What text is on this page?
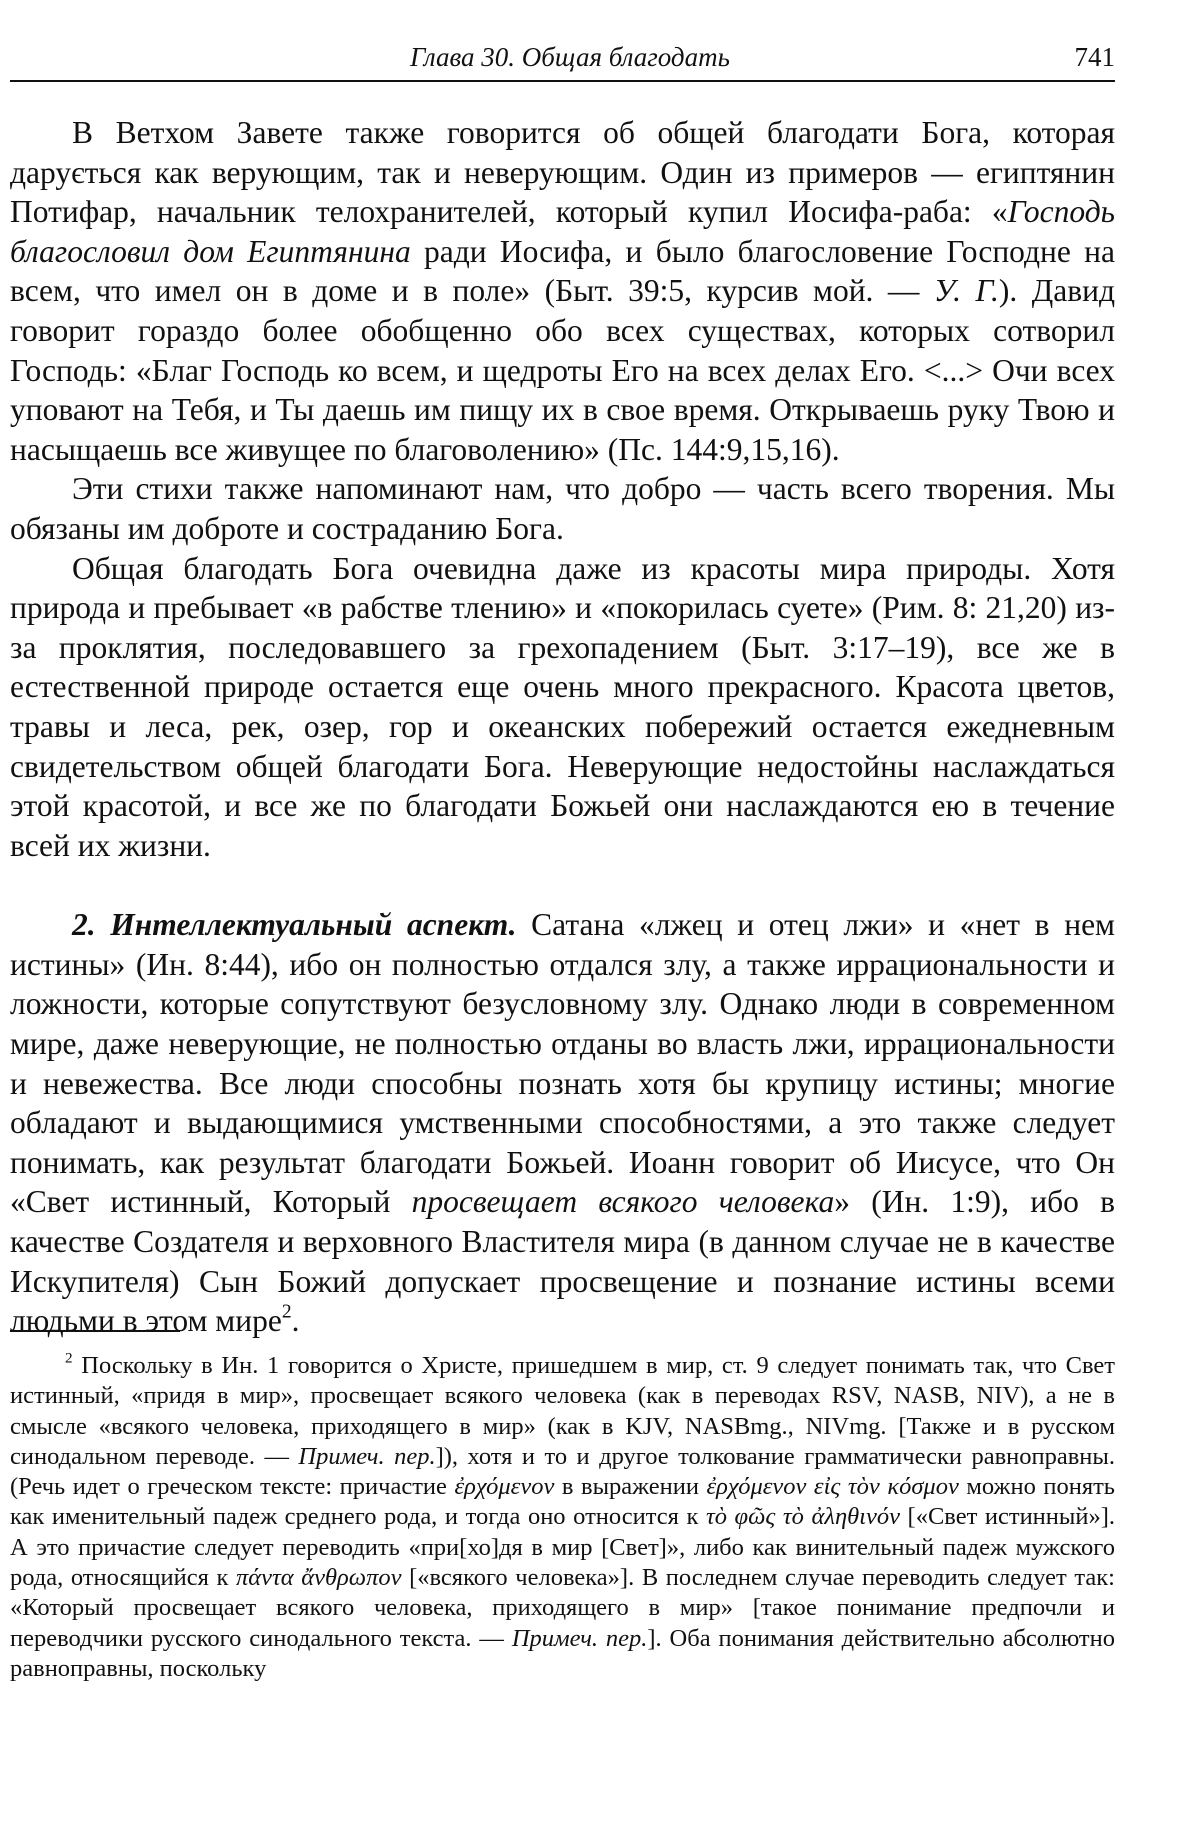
Глава 30. Общая благодать	741

В Ветхом Завете также говорится об общей благодати Бога, которая дарується как верующим, так и неверующим. Один из примеров — египтянин Потифар, начальник телохранителей, который купил Иосифа-раба: «Господь благословил дом Египтянина ради Иосифа, и было благословение Господне на всем, что имел он в доме и в поле» (Быт. 39:5, курсив мой. — У. Г.). Давид говорит гораздо более обобщенно обо всех существах, которых сотворил Господь: «Благ Господь ко всем, и щедроты Его на всех делах Его. <...> Очи всех уповают на Тебя, и Ты даешь им пищу их в свое время. Открываешь руку Твою и насыщаешь все живущее по благоволению» (Пс. 144:9,15,16).

Эти стихи также напоминают нам, что добро — часть всего творения. Мы обязаны им доброте и состраданию Бога.

Общая благодать Бога очевидна даже из красоты мира природы. Хотя природа и пребывает «в рабстве тлению» и «покорилась суете» (Рим. 8: 21,20) из-за проклятия, последовавшего за грехопадением (Быт. 3:17–19), все же в естественной природе остается еще очень много прекрасного. Красота цветов, травы и леса, рек, озер, гор и океанских побережий остается ежедневным свидетельством общей благодати Бога. Неверующие недостойны наслаждаться этой красотой, и все же по благодати Божьей они наслаждаются ею в течение всей их жизни.

2. Интеллектуальный аспект. Сатана «лжец и отец лжи» и «нет в нем истины» (Ин. 8:44), ибо он полностью отдался злу, а также иррациональности и ложности, которые сопутствуют безусловному злу. Однако люди в современном мире, даже неверующие, не полностью отданы во власть лжи, иррациональности и невежества. Все люди способны познать хотя бы крупицу истины; многие обладают и выдающимися умственными способностями, а это также следует понимать, как результат благодати Божьей. Иоанн говорит об Иисусе, что Он «Свет истинный, Который просвещает всякого человека» (Ин. 1:9), ибо в качестве Создателя и верховного Властителя мира (в данном случае не в качестве Искупителя) Сын Божий допускает просвещение и познание истины всеми людьми в этом мире$^2$.

$^2$ Поскольку в Ин. 1 говорится о Христе, пришедшем в мир, ст. 9 следует понимать так, что Свет истинный, «придя в мир», просвещает всякого человека (как в переводах RSV, NASB, NIV), а не в смысле «всякого человека, приходящего в мир» (как в KJV, NASBmg., NIVmg. [Также и в русском синодальном переводе. — Примеч. пер.]), хотя и то и другое толкование грамматически равноправны. (Речь идет о греческом тексте: причастие ἐρχόμενον в выражении ἐρχόμενον εἰς τὸν κόσμον можно понять как именительный падеж среднего рода, и тогда оно относится к τὸ φῶς τὸ ἀληθινόν [«Свет истинный»]. А это причастие следует переводить «при[хо]дя в мир [Свет]», либо как винительный падеж мужского рода, относящийся к πάντα ἄνθρωπον [«всякого человека»]. В последнем случае переводить следует так: «Который просвещает всякого человека, приходящего в мир» [такое понимание предпочли и переводчики русского синодального текста. — Примеч. пер.]. Оба понимания действительно абсолютно равноправны, поскольку
